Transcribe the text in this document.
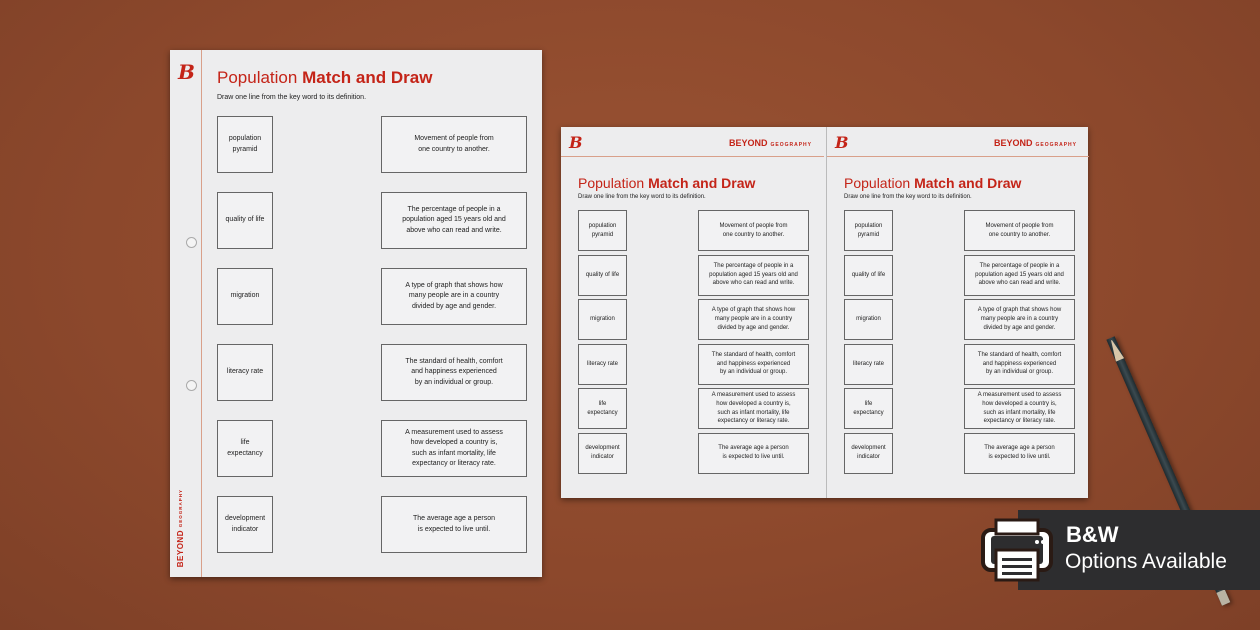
B
BEYOND GEOGRAPHY
Population Match and Draw
Draw one line from the key word to its definition.
population
pyramid
Movement of people from
one country to another.
quality of life
The percentage of people in a
population aged 15 years old and
above who can read and write.
migration
A type of graph that shows how
many people are in a country
divided by age and gender.
literacy rate
The standard of health, comfort
and happiness experienced
by an individual or group.
life
expectancy
A measurement used to assess
how developed a country is,
such as infant mortality, life
expectancy or literacy rate.
development
indicator
The average age a person
is expected to live until.
B	BEYOND GEOGRAPHY
Population Match and Draw
Draw one line from the key word to its definition.
population
pyramid
Movement of people from
one country to another.
quality of life
The percentage of people in a
population aged 15 years old and
above who can read and write.
migration
A type of graph that shows how
many people are in a country
divided by age and gender.
literacy rate
The standard of health, comfort
and happiness experienced
by an individual or group.
life
expectancy
A measurement used to assess
how developed a country is,
such as infant mortality, life
expectancy or literacy rate.
development
indicator
The average age a person
is expected to live until.
B	BEYOND GEOGRAPHY
Population Match and Draw
Draw one line from the key word to its definition.
population
pyramid
Movement of people from
one country to another.
quality of life
The percentage of people in a
population aged 15 years old and
above who can read and write.
migration
A type of graph that shows how
many people are in a country
divided by age and gender.
literacy rate
The standard of health, comfort
and happiness experienced
by an individual or group.
life
expectancy
A measurement used to assess
how developed a country is,
such as infant mortality, life
expectancy or literacy rate.
development
indicator
The average age a person
is expected to live until.
B&W
Options Available
